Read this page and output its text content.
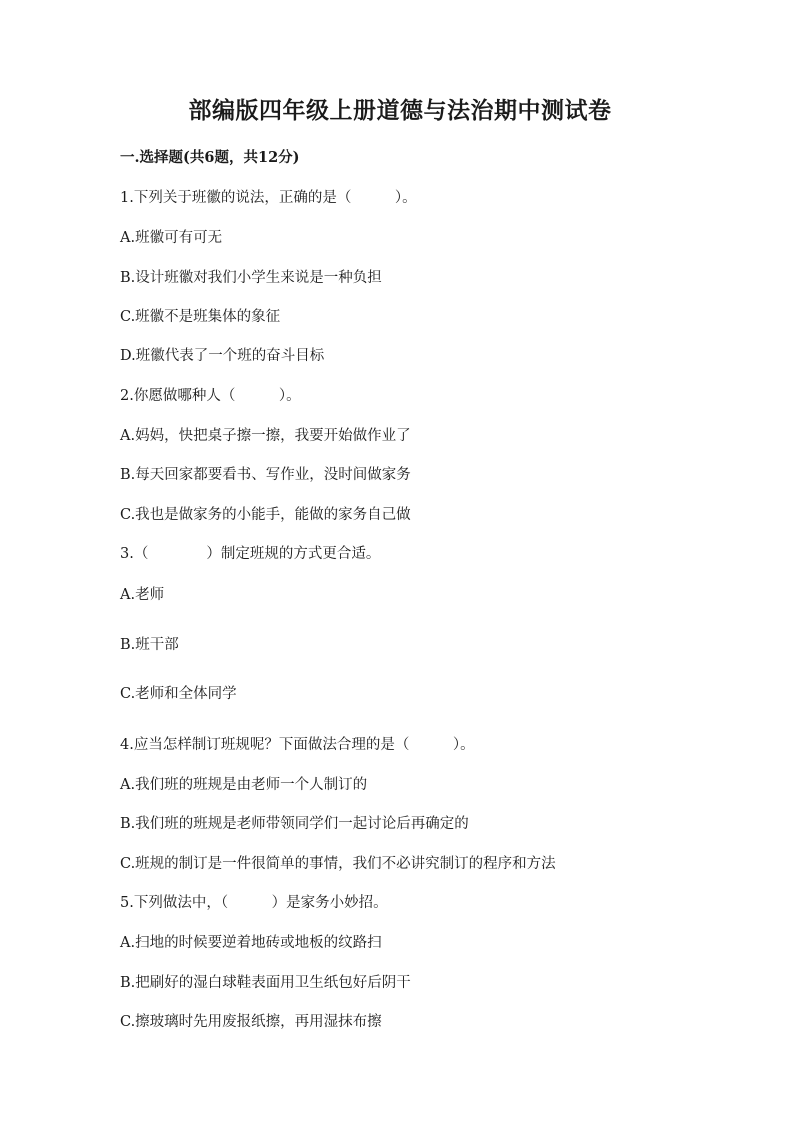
部编版四年级上册道德与法治期中测试卷
一.选择题(共6题，共12分)
1.下列关于班徽的说法，正确的是（　　　）。
A.班徽可有可无
B.设计班徽对我们小学生来说是一种负担
C.班徽不是班集体的象征
D.班徽代表了一个班的奋斗目标
2.你愿做哪种人（　　　）。
A.妈妈，快把桌子擦一擦，我要开始做作业了
B.每天回家都要看书、写作业，没时间做家务
C.我也是做家务的小能手，能做的家务自己做
3.（　　　　）制定班规的方式更合适。
A.老师
B.班干部
C.老师和全体同学
4.应当怎样制订班规呢？下面做法合理的是（　　　）。
A.我们班的班规是由老师一个人制订的
B.我们班的班规是老师带领同学们一起讨论后再确定的
C.班规的制订是一件很简单的事情，我们不必讲究制订的程序和方法
5.下列做法中，（　　　）是家务小妙招。
A.扫地的时候要逆着地砖或地板的纹路扫
B.把刷好的湿白球鞋表面用卫生纸包好后阴干
C.擦玻璃时先用废报纸擦，再用湿抹布擦
